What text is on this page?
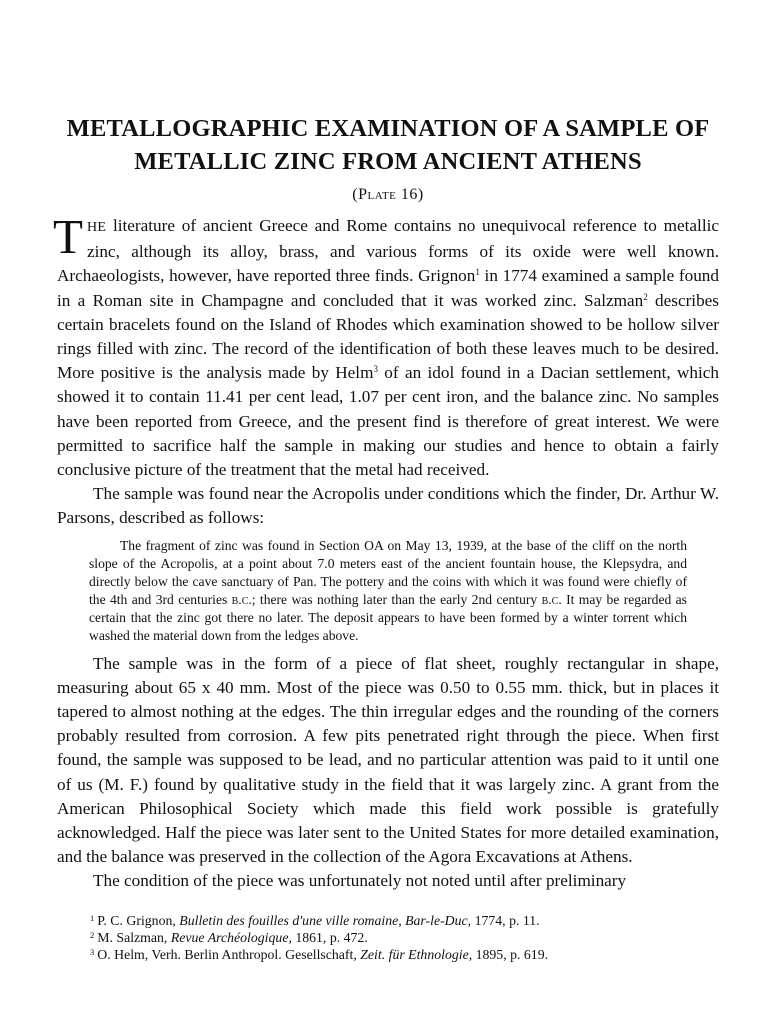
METALLOGRAPHIC EXAMINATION OF A SAMPLE OF
METALLIC ZINC FROM ANCIENT ATHENS
(Plate 16)

THE literature of ancient Greece and Rome contains no unequivocal reference to metallic zinc, although its alloy, brass, and various forms of its oxide were well known. Archaeologists, however, have reported three finds. Grignon$^1$ in 1774 examined a sample found in a Roman site in Champagne and concluded that it was worked zinc. Salzman$^2$ describes certain bracelets found on the Island of Rhodes which examination showed to be hollow silver rings filled with zinc. The record of the identification of both these leaves much to be desired. More positive is the analysis made by Helm$^3$ of an idol found in a Dacian settlement, which showed it to contain 11.41 per cent lead, 1.07 per cent iron, and the balance zinc. No samples have been reported from Greece, and the present find is therefore of great interest. We were permitted to sacrifice half the sample in making our studies and hence to obtain a fairly conclusive picture of the treatment that the metal had received.

The sample was found near the Acropolis under conditions which the finder, Dr. Arthur W. Parsons, described as follows:

The fragment of zinc was found in Section OA on May 13, 1939, at the base of the cliff on the north slope of the Acropolis, at a point about 7.0 meters east of the ancient fountain house, the Klepsydra, and directly below the cave sanctuary of Pan. The pottery and the coins with which it was found were chiefly of the 4th and 3rd centuries b.c.; there was nothing later than the early 2nd century b.c. It may be regarded as certain that the zinc got there no later. The deposit appears to have been formed by a winter torrent which washed the material down from the ledges above.

The sample was in the form of a piece of flat sheet, roughly rectangular in shape, measuring about 65 x 40 mm. Most of the piece was 0.50 to 0.55 mm. thick, but in places it tapered to almost nothing at the edges. The thin irregular edges and the rounding of the corners probably resulted from corrosion. A few pits penetrated right through the piece. When first found, the sample was supposed to be lead, and no particular attention was paid to it until one of us (M. F.) found by qualitative study in the field that it was largely zinc. A grant from the American Philosophical Society which made this field work possible is gratefully acknowledged. Half the piece was later sent to the United States for more detailed examination, and the balance was preserved in the collection of the Agora Excavations at Athens.

The condition of the piece was unfortunately not noted until after preliminary

$^1$ P. C. Grignon, Bulletin des fouilles d'une ville romaine, Bar-le-Duc, 1774, p. 11.

$^2$ M. Salzman, Revue Archéologique, 1861, p. 472.

$^3$ O. Helm, Verh. Berlin Anthropol. Gesellschaft, Zeit. für Ethnologie, 1895, p. 619.
